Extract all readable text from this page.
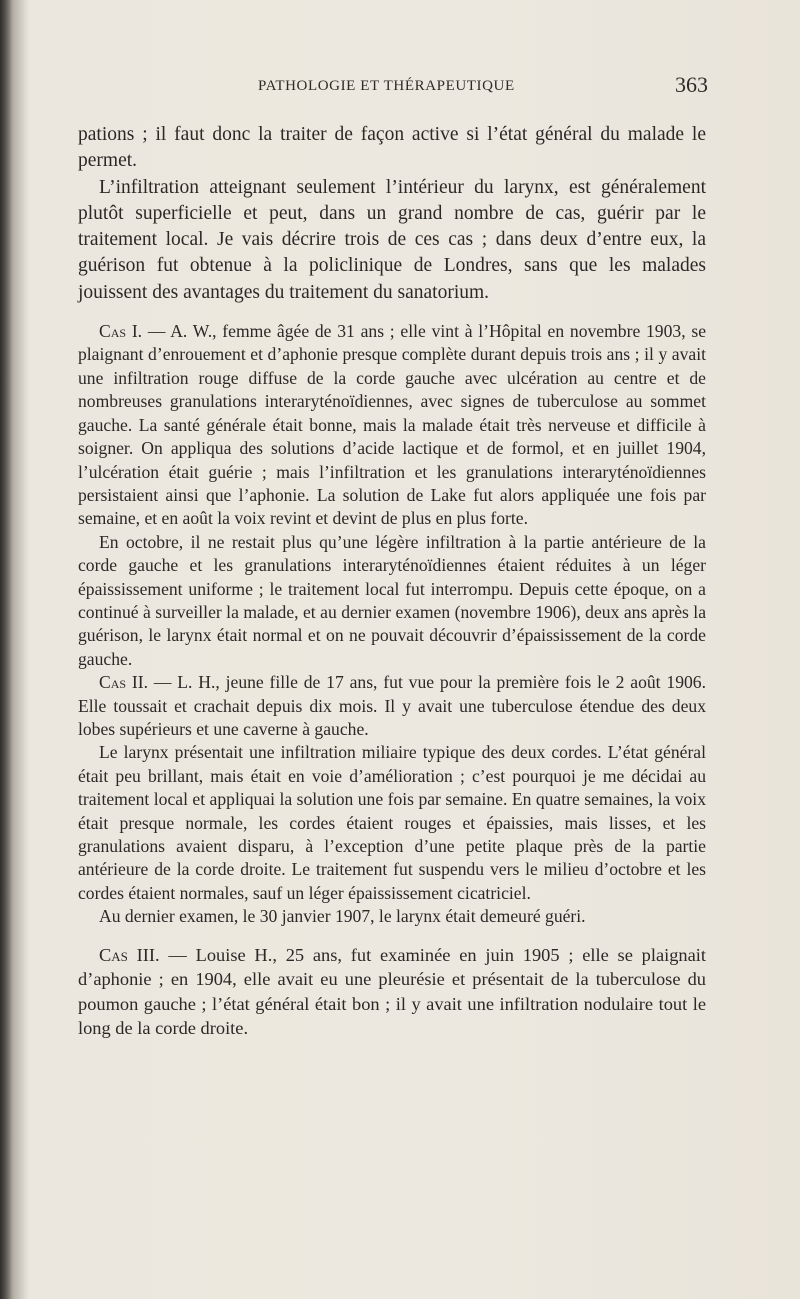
PATHOLOGIE ET THÉRAPEUTIQUE	363

pations ; il faut donc la traiter de façon active si l’état général du malade le permet.

L’infiltration atteignant seulement l’intérieur du larynx, est généralement plutôt superficielle et peut, dans un grand nombre de cas, guérir par le traitement local. Je vais décrire trois de ces cas ; dans deux d’entre eux, la guérison fut obtenue à la policlinique de Londres, sans que les malades jouissent des avantages du traitement du sanatorium.

Cas I. — A. W., femme âgée de 31 ans ; elle vint à l’Hôpital en novembre 1903, se plaignant d’enrouement et d’aphonie presque complète durant depuis trois ans ; il y avait une infiltration rouge diffuse de la corde gauche avec ulcération au centre et de nombreuses granulations interaryténoïdiennes, avec signes de tuberculose au sommet gauche. La santé générale était bonne, mais la malade était très nerveuse et difficile à soigner. On appliqua des solutions d’acide lactique et de formol, et en juillet 1904, l’ulcération était guérie ; mais l’infiltration et les granulations interaryténoïdiennes persistaient ainsi que l’aphonie. La solution de Lake fut alors appliquée une fois par semaine, et en août la voix revint et devint de plus en plus forte.

En octobre, il ne restait plus qu’une légère infiltration à la partie antérieure de la corde gauche et les granulations interaryténoïdiennes étaient réduites à un léger épaississement uniforme ; le traitement local fut interrompu. Depuis cette époque, on a continué à surveiller la malade, et au dernier examen (novembre 1906), deux ans après la guérison, le larynx était normal et on ne pouvait découvrir d’épaississement de la corde gauche.

Cas II. — L. H., jeune fille de 17 ans, fut vue pour la première fois le 2 août 1906. Elle toussait et crachait depuis dix mois. Il y avait une tuberculose étendue des deux lobes supérieurs et une caverne à gauche.

Le larynx présentait une infiltration miliaire typique des deux cordes. L’état général était peu brillant, mais était en voie d’amélioration ; c’est pourquoi je me décidai au traitement local et appliquai la solution une fois par semaine. En quatre semaines, la voix était presque normale, les cordes étaient rouges et épaissies, mais lisses, et les granulations avaient disparu, à l’exception d’une petite plaque près de la partie antérieure de la corde droite. Le traitement fut suspendu vers le milieu d’octobre et les cordes étaient normales, sauf un léger épaississement cicatriciel.

Au dernier examen, le 30 janvier 1907, le larynx était demeuré guéri.

Cas III. — Louise H., 25 ans, fut examinée en juin 1905 ; elle se plaignait d’aphonie ; en 1904, elle avait eu une pleurésie et présentait de la tuberculose du poumon gauche ; l’état général était bon ; il y avait une infiltration nodulaire tout le long de la corde droite.
